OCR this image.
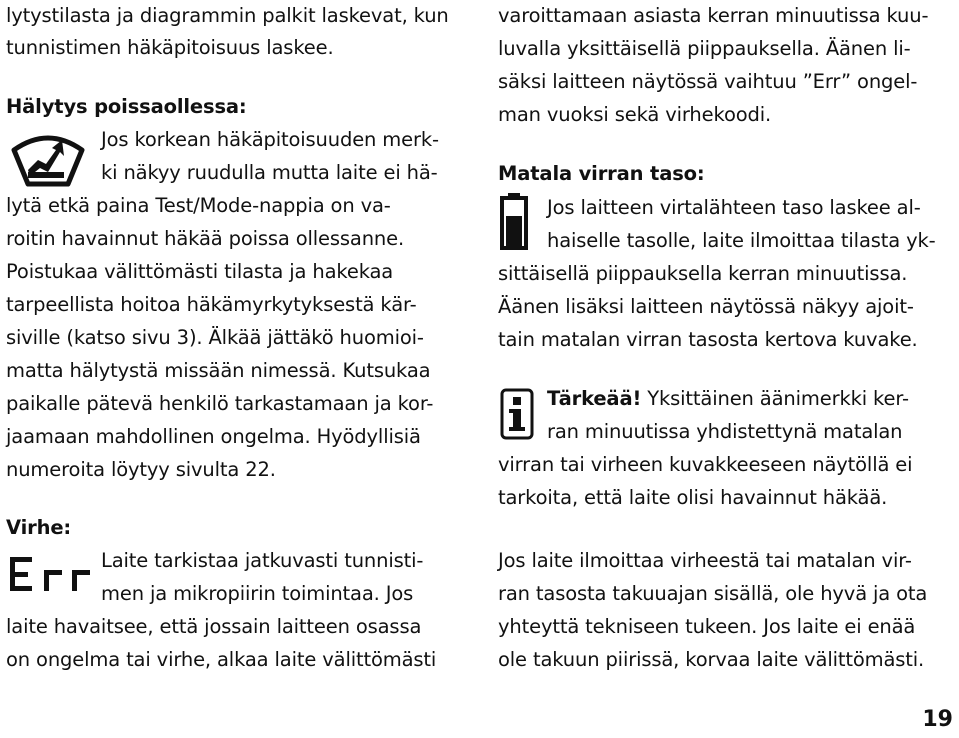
lytystilasta ja diagrammin palkit laskevat, kun
tunnistimen häkäpitoisuus laskee.
Hälytys poissaollessa:
Jos korkean häkäpitoisuuden merk-
ki näkyy ruudulla mutta laite ei hä-
lytä etkä paina Test/Mode-nappia on va-
roitin havainnut häkää poissa ollessanne.
Poistukaa välittömästi tilasta ja hakekaa
tarpeellista hoitoa häkämyrkytyksestä kär-
siville (katso sivu 3). Älkää jättäkö huomioi-
matta hälytystä missään nimessä. Kutsukaa
paikalle pätevä henkilö tarkastamaan ja kor-
jaamaan mahdollinen ongelma. Hyödyllisiä
numeroita löytyy sivulta 22.
Virhe:
Laite tarkistaa jatkuvasti tunnisti-
men ja mikropiirin toimintaa. Jos
laite havaitsee, että jossain laitteen osassa
on ongelma tai virhe, alkaa laite välittömästi
varoittamaan asiasta kerran minuutissa kuu-
luvalla yksittäisellä piippauksella. Äänen li-
säksi laitteen näytössä vaihtuu ”Err” ongel-
man vuoksi sekä virhekoodi.
Matala virran taso:
Jos laitteen virtalähteen taso laskee al-
haiselle tasolle, laite ilmoittaa tilasta yk-
sittäisellä piippauksella kerran minuutissa.
Äänen lisäksi laitteen näytössä näkyy ajoit-
tain matalan virran tasosta kertova kuvake.
Tärkeää! Yksittäinen äänimerkki ker-
ran minuutissa yhdistettynä matalan
virran tai virheen kuvakkeeseen näytöllä ei
tarkoita, että laite olisi havainnut häkää.
Jos laite ilmoittaa virheestä tai matalan vir-
ran tasosta takuuajan sisällä, ole hyvä ja ota
yhteyttä tekniseen tukeen. Jos laite ei enää
ole takuun piirissä, korvaa laite välittömästi.
19
